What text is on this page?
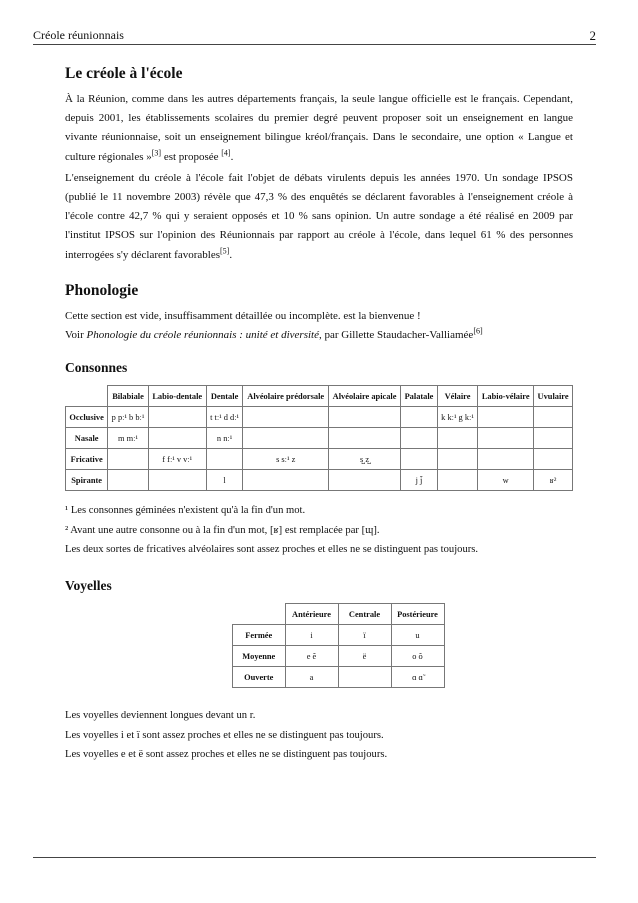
Créole réunionnais	2
Le créole à l'école

À la Réunion, comme dans les autres départements français, la seule langue officielle est le français. Cependant, depuis 2001, les établissements scolaires du premier degré peuvent proposer soit un enseignement en langue vivante réunionnaise, soit un enseignement bilingue kréol/français. Dans le secondaire, une option « Langue et culture régionales »[3] est proposée [4].

L'enseignement du créole à l'école fait l'objet de débats virulents depuis les années 1970. Un sondage IPSOS (publié le 11 novembre 2003) révèle que 47,3 % des enquêtés se déclarent favorables à l'enseignement créole à l'école contre 42,7 % qui y seraient opposés et 10 % sans opinion. Un autre sondage a été réalisé en 2009 par l'institut IPSOS sur l'opinion des Réunionnais par rapport au créole à l'école, dans lequel 61 % des personnes interrogées s'y déclarent favorables[5].

Phonologie

Cette section est vide, insuffisamment détaillée ou incomplète. est la bienvenue !

Voir Phonologie du créole réunionnais : unité et diversité, par Gillette Staudacher-Valliamée[6]

Consonnes
	Bilabiale	Labio-dentale	Dentale	Alvéolaire prédorsale	Alvéolaire apicale	Palatale	Vélaire	Labio-vélaire	Uvulaire
Occlusive	p pː¹ b bː¹		t tː¹ d dː¹				k kː¹ g kː¹		
Nasale	m mː¹		n nː¹						
Fricative		f fː¹ v vː¹		s sː¹ z	s̺ z̺				
Spirante			l			j j̃		w	ʁ²

¹ Les consonnes géminées n'existent qu'à la fin d'un mot.

² Avant une autre consonne ou à la fin d'un mot, [ʁ] est remplacée par [ɰ].

Les deux sortes de fricatives alvéolaires sont assez proches et elles ne se distinguent pas toujours.

Voyelles
	Antérieure	Centrale	Postérieure
Fermée	i	ï	u
Moyenne	e ẽ	ë	o õ
Ouverte	a		ɑ ɑ̃

Les voyelles deviennent longues devant un r.

Les voyelles i et ï sont assez proches et elles ne se distinguent pas toujours.

Les voyelles e et ë sont assez proches et elles ne se distinguent pas toujours.
